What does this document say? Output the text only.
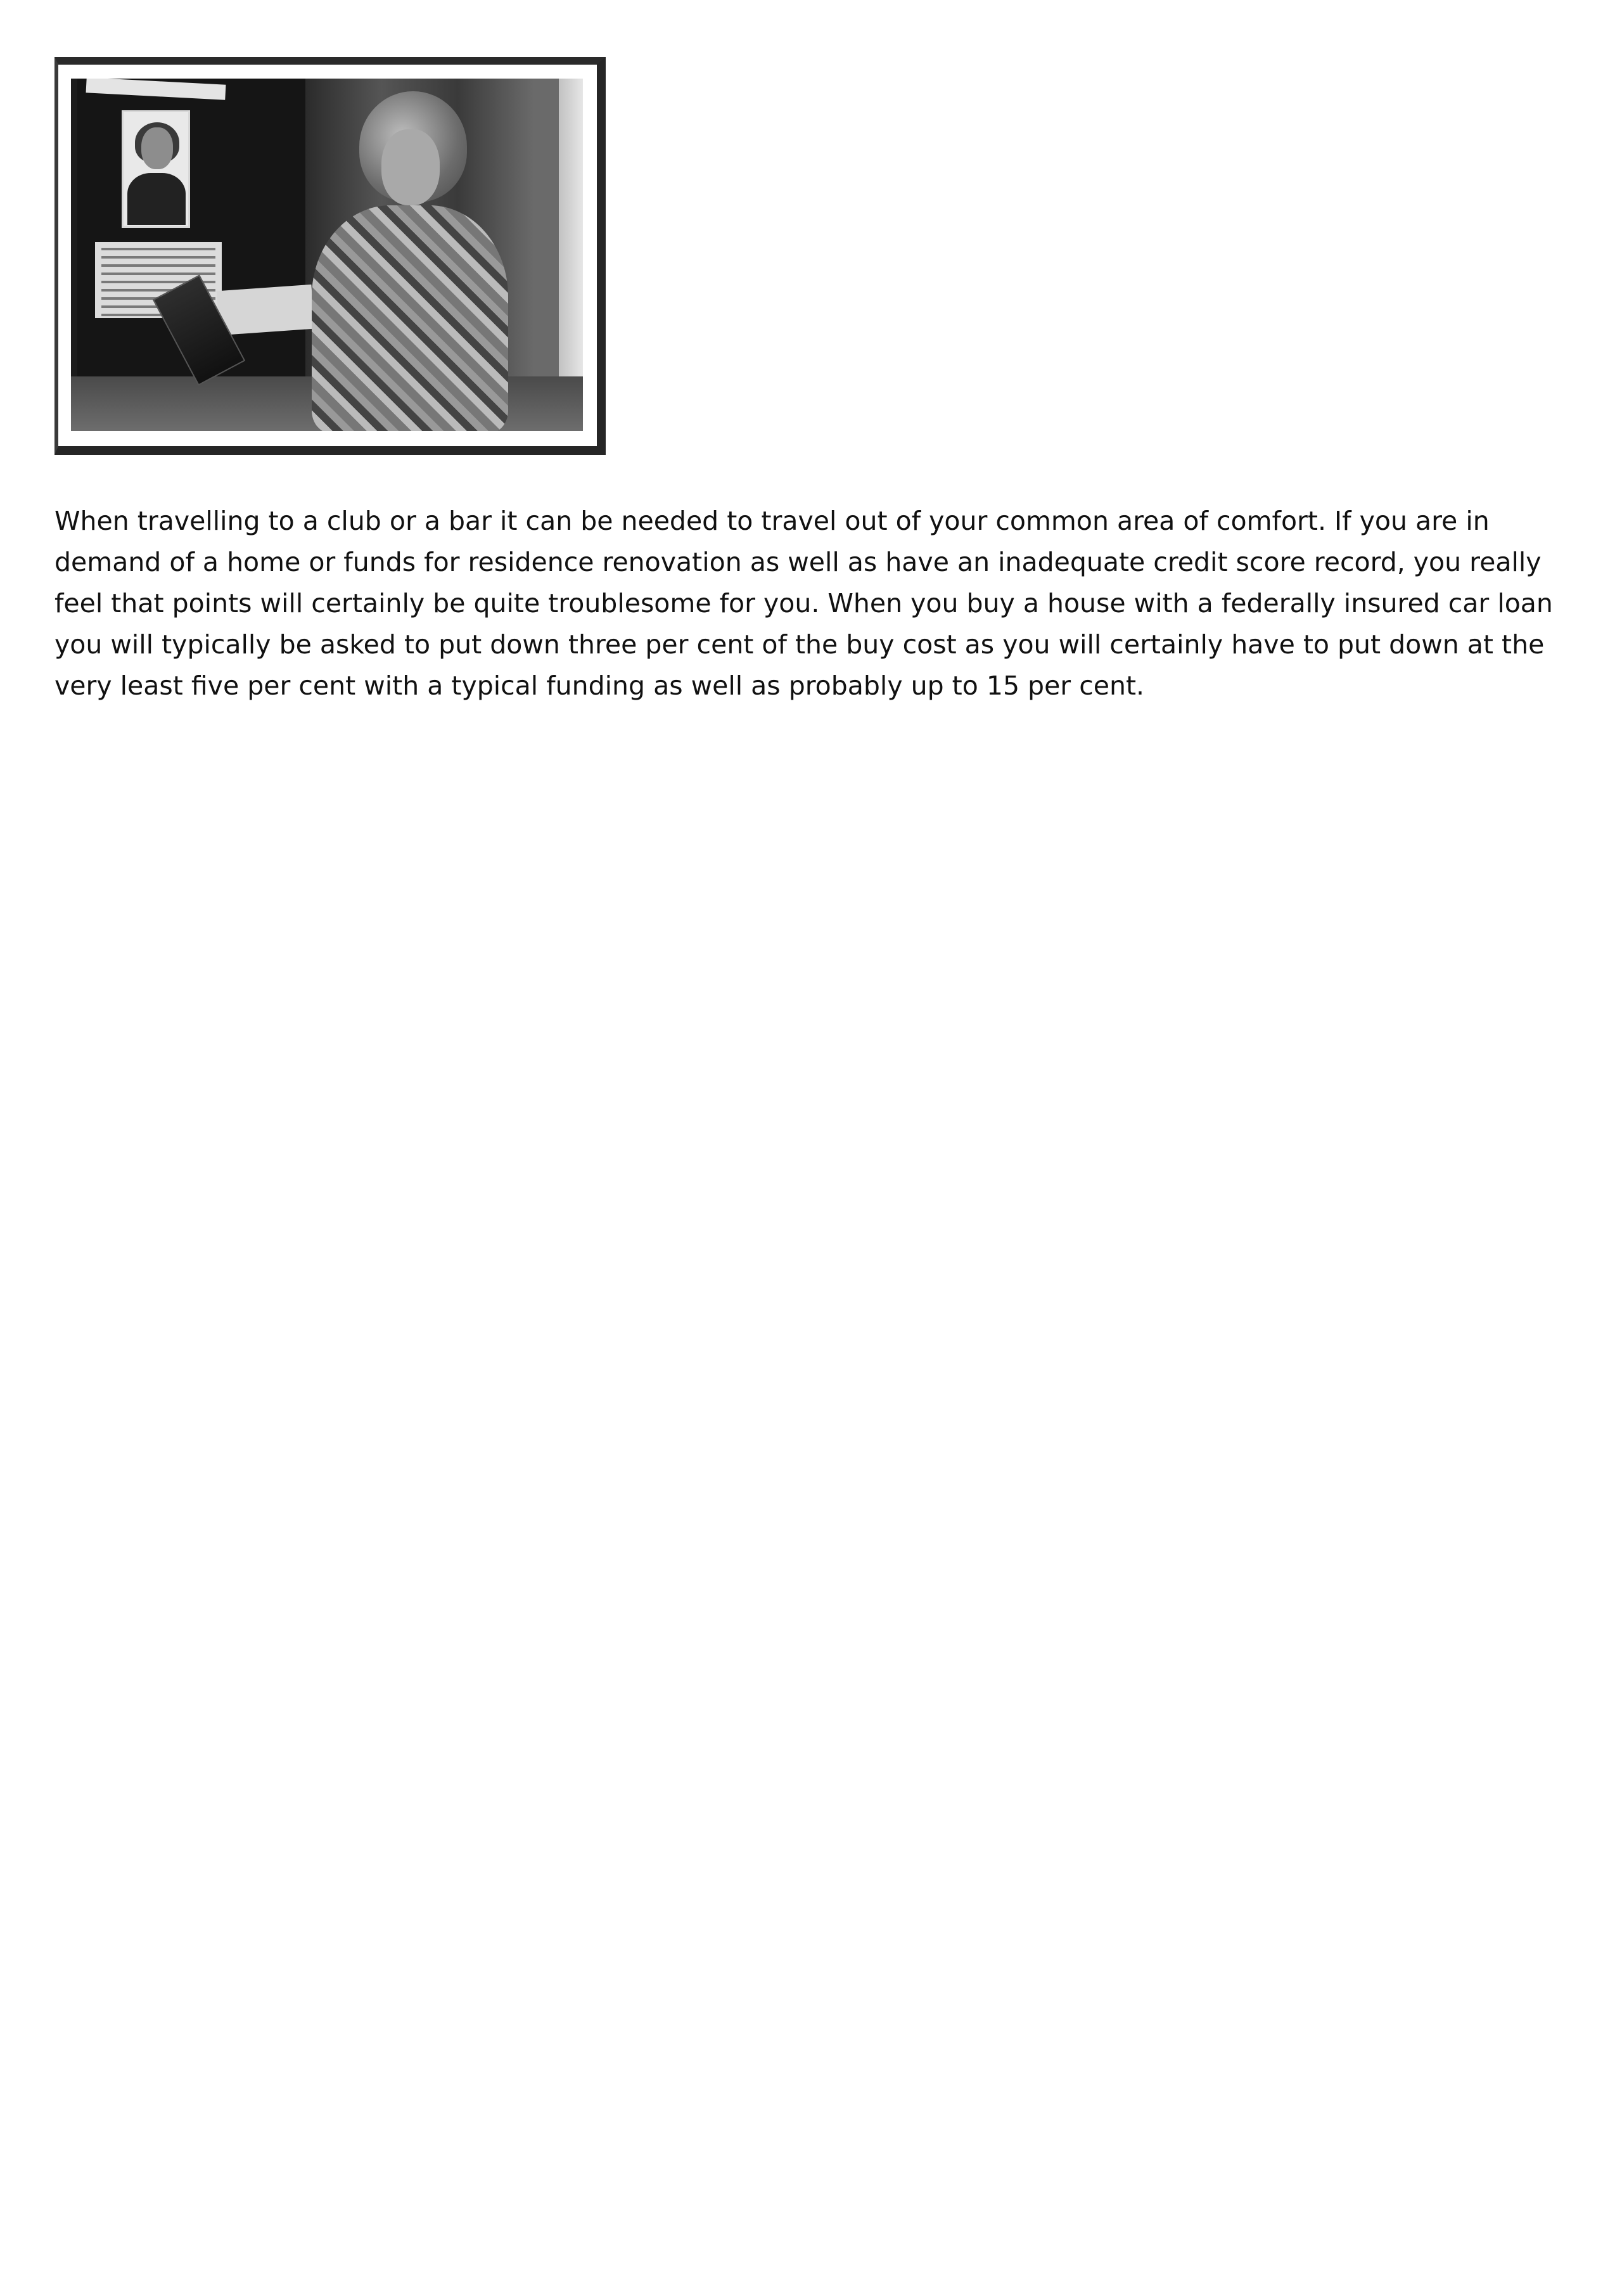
When travelling to a club or a bar it can be needed to travel out of your common area of comfort. If you are in demand of a home or funds for residence renovation as well as have an inadequate credit score record, you really feel that points will certainly be quite troublesome for you. When you buy a house with a federally insured car loan you will typically be asked to put down three per cent of the buy cost as you will certainly have to put down at the very least five per cent with a typical funding as well as probably up to 15 per cent.
